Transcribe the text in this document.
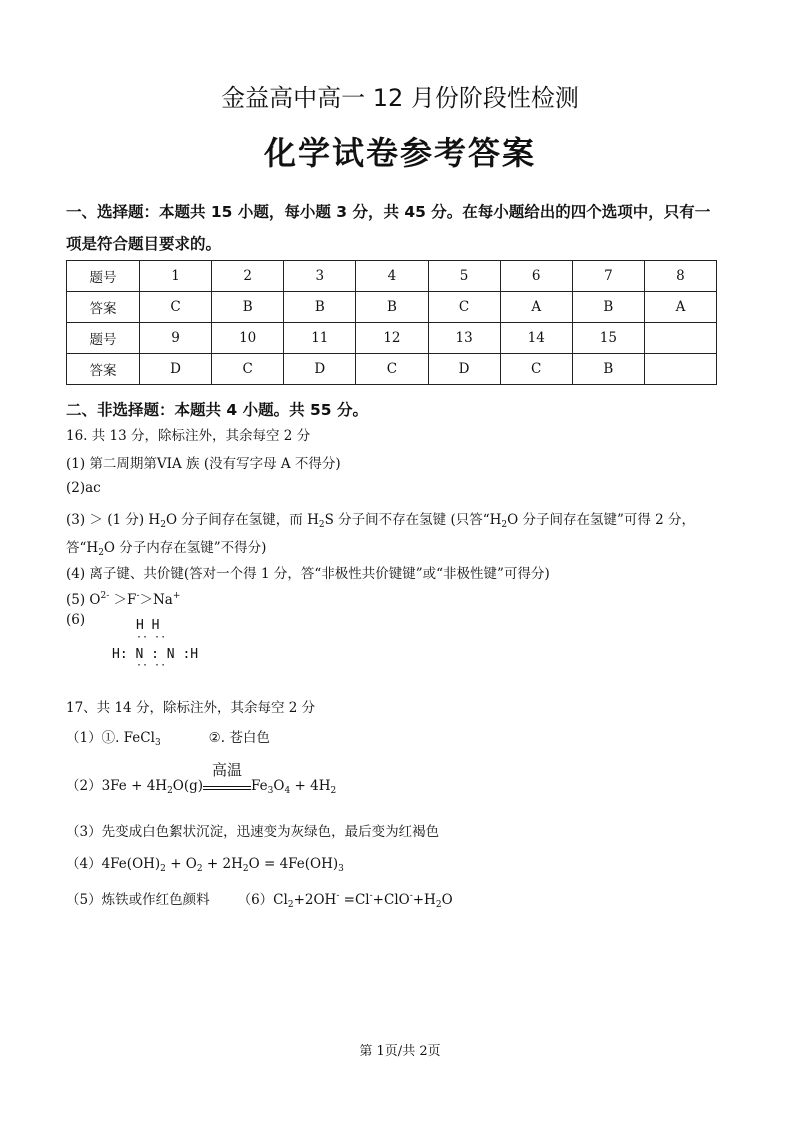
金益高中高一 12 月份阶段性检测
化学试卷参考答案
一、选择题：本题共 15 小题，每小题 3 分，共 45 分。在每小题给出的四个选项中，只有一
项是符合题目要求的。
题号	1	2	3	4	5	6	7	8
答案	C	B	B	B	C	A	B	A
题号	9	10	11	12	13	14	15	
答案	D	C	D	C	D	C	B	
二、非选择题：本题共 4 小题。共 55 分。
16. 共 13 分，除标注外，其余每空 2 分
(1) 第二周期第VIA 族 (没有写字母 A 不得分)
(2)ac
(3) ＞ (1 分) $H_2O$ 分子间存在氢键，而 $H_2S$ 分子间不存在氢键 (只答“$H_2O$ 分子间存在氢键”可得 2 分，
答“$H_2O$ 分子内存在氢键”不得分)
(4) 离子键、共价键(答对一个得 1 分，答“非极性共价键键”或“非极性键”可得分)
(5) $O^{2-} >F^->Na^+$
(6)	H H
·· ··
H: N : N :H
·· ··
17、共 14 分，除标注外，其余每空 2 分
（1）①. FeCl$_3$	②. 苍白色
$(2)3Fe + 4H_2O(g)$
高温
$Fe_3O_4 + 4H_2$
（3）先变成白色絮状沉淀，迅速变为灰绿色，最后变为红褐色
$(4)4Fe(OH)_2 + O_2 + 2H_2O = 4Fe(OH)_3$
（5）炼铁或作红色颜料 $(6)Cl_2+2OH^- =Cl^-+ClO^-+H_2O$
第 1页/共 2页
